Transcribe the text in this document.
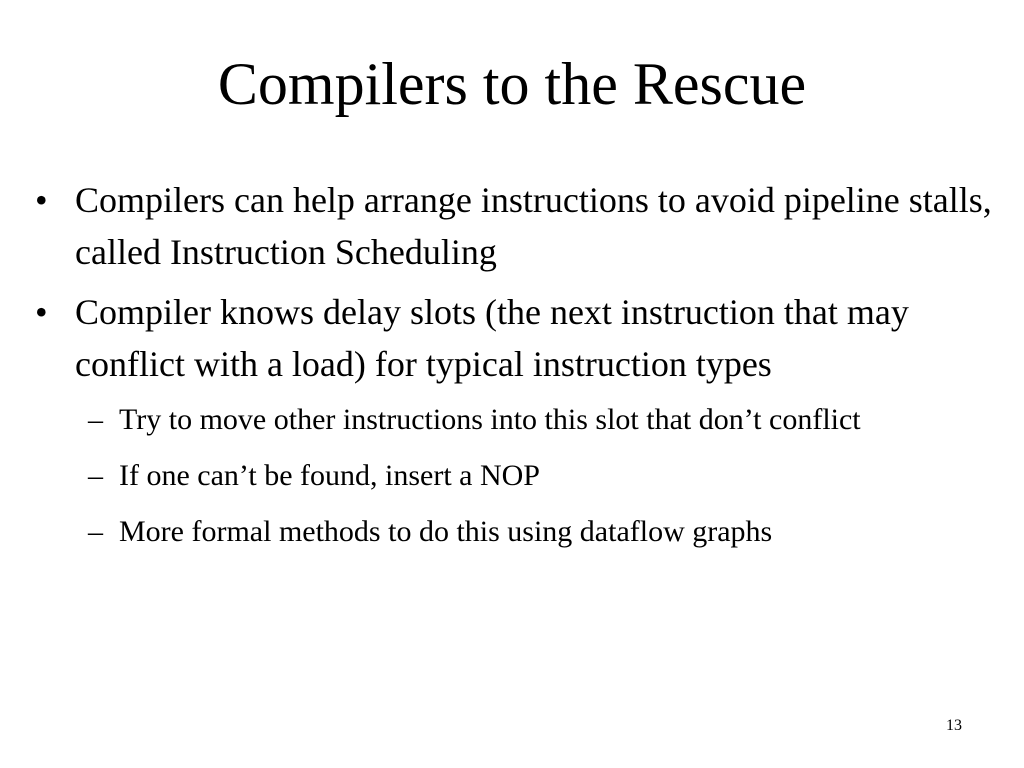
Compilers to the Rescue
• Compilers can help arrange instructions to avoid pipeline stalls, called Instruction Scheduling
• Compiler knows delay slots (the next instruction that may conflict with a load) for typical instruction types
– Try to move other instructions into this slot that don’t conflict
– If one can’t be found, insert a NOP
– More formal methods to do this using dataflow graphs
13
